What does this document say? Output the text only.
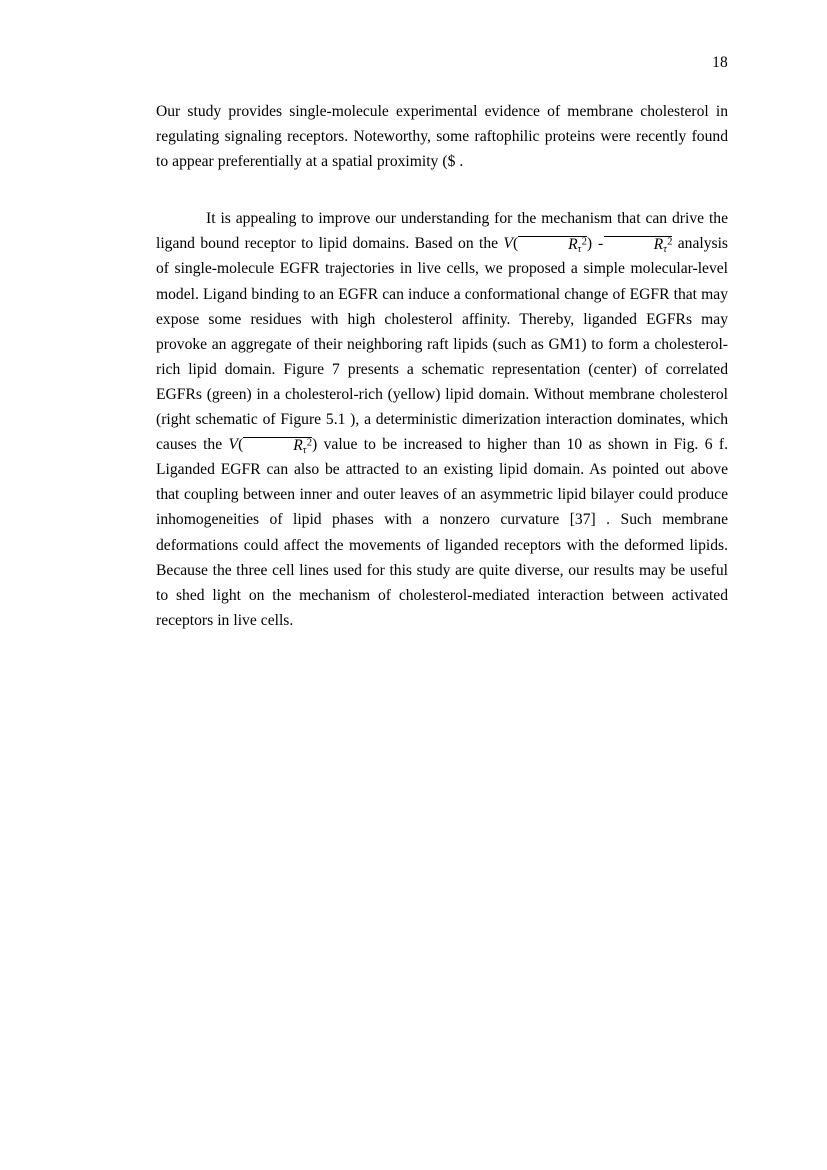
18

Our study provides single-molecule experimental evidence of membrane cholesterol in regulating signaling receptors. Noteworthy, some raftophilic proteins were recently found to appear preferentially at a spatial proximity ($ .

It is appealing to improve our understanding for the mechanism that can drive the ligand bound receptor to lipid domains. Based on the V(	$R_\tau^2$) -	$R_\tau^2$ analysis of single-molecule EGFR trajectories in live cells, we proposed a simple molecular-level model. Ligand binding to an EGFR can induce a conformational change of EGFR that may expose some residues with high cholesterol affinity. Thereby, liganded EGFRs may provoke an aggregate of their neighboring raft lipids (such as GM1) to form a cholesterol-rich lipid domain. Figure 7 presents a schematic representation (center) of correlated EGFRs (green) in a cholesterol-rich (yellow) lipid domain. Without membrane cholesterol (right schematic of Figure 5.1 ), a deterministic dimerization interaction dominates, which causes the V(	$R_\tau^2$) value to be increased to higher than 10 as shown in Fig. 6 f. Liganded EGFR can also be attracted to an existing lipid domain. As pointed out above that coupling between inner and outer leaves of an asymmetric lipid bilayer could produce inhomogeneities of lipid phases with a nonzero curvature [37] . Such membrane deformations could affect the movements of liganded receptors with the deformed lipids. Because the three cell lines used for this study are quite diverse, our results may be useful to shed light on the mechanism of cholesterol-mediated interaction between activated receptors in live cells.
